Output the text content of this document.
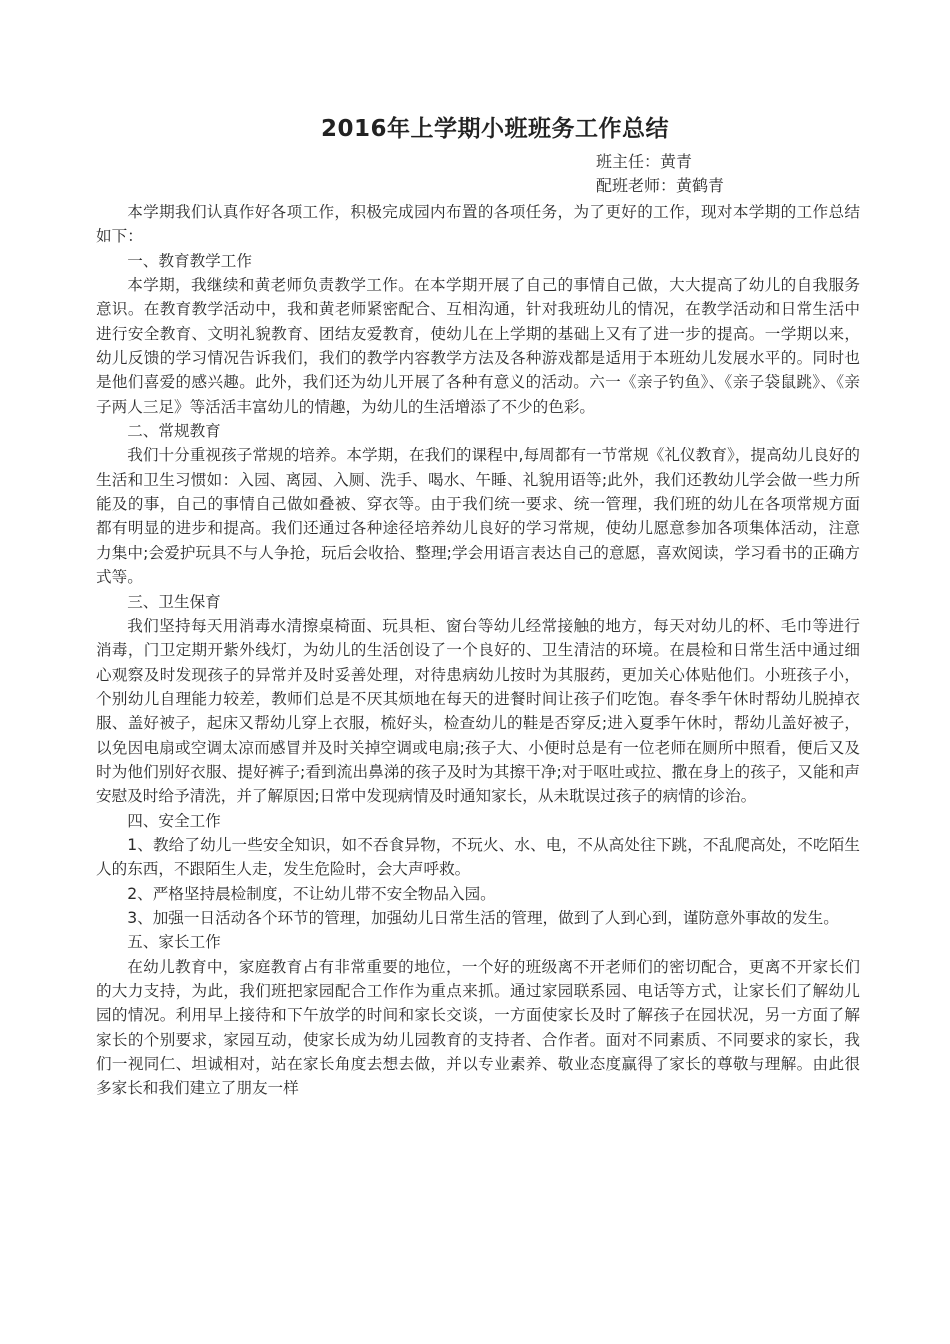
2016年上学期小班班务工作总结
班主任：黄青
配班老师：黄鹤青

本学期我们认真作好各项工作，积极完成园内布置的各项任务，为了更好的工作，现对本学期的工作总结如下：

一、教育教学工作

本学期，我继续和黄老师负责教学工作。在本学期开展了自己的事情自己做，大大提高了幼儿的自我服务意识。在教育教学活动中，我和黄老师紧密配合、互相沟通，针对我班幼儿的情况，在教学活动和日常生活中进行安全教育、文明礼貌教育、团结友爱教育，使幼儿在上学期的基础上又有了进一步的提高。一学期以来，幼儿反馈的学习情况告诉我们，我们的教学内容教学方法及各种游戏都是适用于本班幼儿发展水平的。同时也是他们喜爱的感兴趣。此外，我们还为幼儿开展了各种有意义的活动。六一《亲子钓鱼》、《亲子袋鼠跳》、《亲子两人三足》等活活丰富幼儿的情趣，为幼儿的生活增添了不少的色彩。

二、常规教育

我们十分重视孩子常规的培养。本学期，在我们的课程中,每周都有一节常规《礼仪教育》，提高幼儿良好的生活和卫生习惯如：入园、离园、入厕、洗手、喝水、午睡、礼貌用语等;此外，我们还教幼儿学会做一些力所能及的事，自己的事情自己做如叠被、穿衣等。由于我们统一要求、统一管理，我们班的幼儿在各项常规方面都有明显的进步和提高。我们还通过各种途径培养幼儿良好的学习常规，使幼儿愿意参加各项集体活动，注意力集中;会爱护玩具不与人争抢，玩后会收拾、整理;学会用语言表达自己的意愿，喜欢阅读，学习看书的正确方式等。

三、卫生保育

我们坚持每天用消毒水清擦桌椅面、玩具柜、窗台等幼儿经常接触的地方，每天对幼儿的杯、毛巾等进行消毒，门卫定期开紫外线灯，为幼儿的生活创设了一个良好的、卫生清洁的环境。在晨检和日常生活中通过细心观察及时发现孩子的异常并及时妥善处理，对待患病幼儿按时为其服药，更加关心体贴他们。小班孩子小，个别幼儿自理能力较差，教师们总是不厌其烦地在每天的进餐时间让孩子们吃饱。春冬季午休时帮幼儿脱掉衣服、盖好被子，起床又帮幼儿穿上衣服，梳好头，检查幼儿的鞋是否穿反;进入夏季午休时，帮幼儿盖好被子，以免因电扇或空调太凉而感冒并及时关掉空调或电扇;孩子大、小便时总是有一位老师在厕所中照看，便后又及时为他们别好衣服、提好裤子;看到流出鼻涕的孩子及时为其擦干净;对于呕吐或拉、撒在身上的孩子，又能和声安慰及时给予清洗，并了解原因;日常中发现病情及时通知家长，从未耽误过孩子的病情的诊治。

四、安全工作

1、教给了幼儿一些安全知识，如不吞食异物，不玩火、水、电，不从高处往下跳，不乱爬高处，不吃陌生人的东西，不跟陌生人走，发生危险时，会大声呼救。

2、严格坚持晨检制度，不让幼儿带不安全物品入园。

3、加强一日活动各个环节的管理，加强幼儿日常生活的管理，做到了人到心到，谨防意外事故的发生。

五、家长工作

在幼儿教育中，家庭教育占有非常重要的地位，一个好的班级离不开老师们的密切配合，更离不开家长们的大力支持，为此，我们班把家园配合工作作为重点来抓。通过家园联系园、电话等方式，让家长们了解幼儿园的情况。利用早上接待和下午放学的时间和家长交谈，一方面使家长及时了解孩子在园状况，另一方面了解家长的个别要求，家园互动，使家长成为幼儿园教育的支持者、合作者。面对不同素质、不同要求的家长，我们一视同仁、坦诚相对，站在家长角度去想去做，并以专业素养、敬业态度赢得了家长的尊敬与理解。由此很多家长和我们建立了朋友一样
